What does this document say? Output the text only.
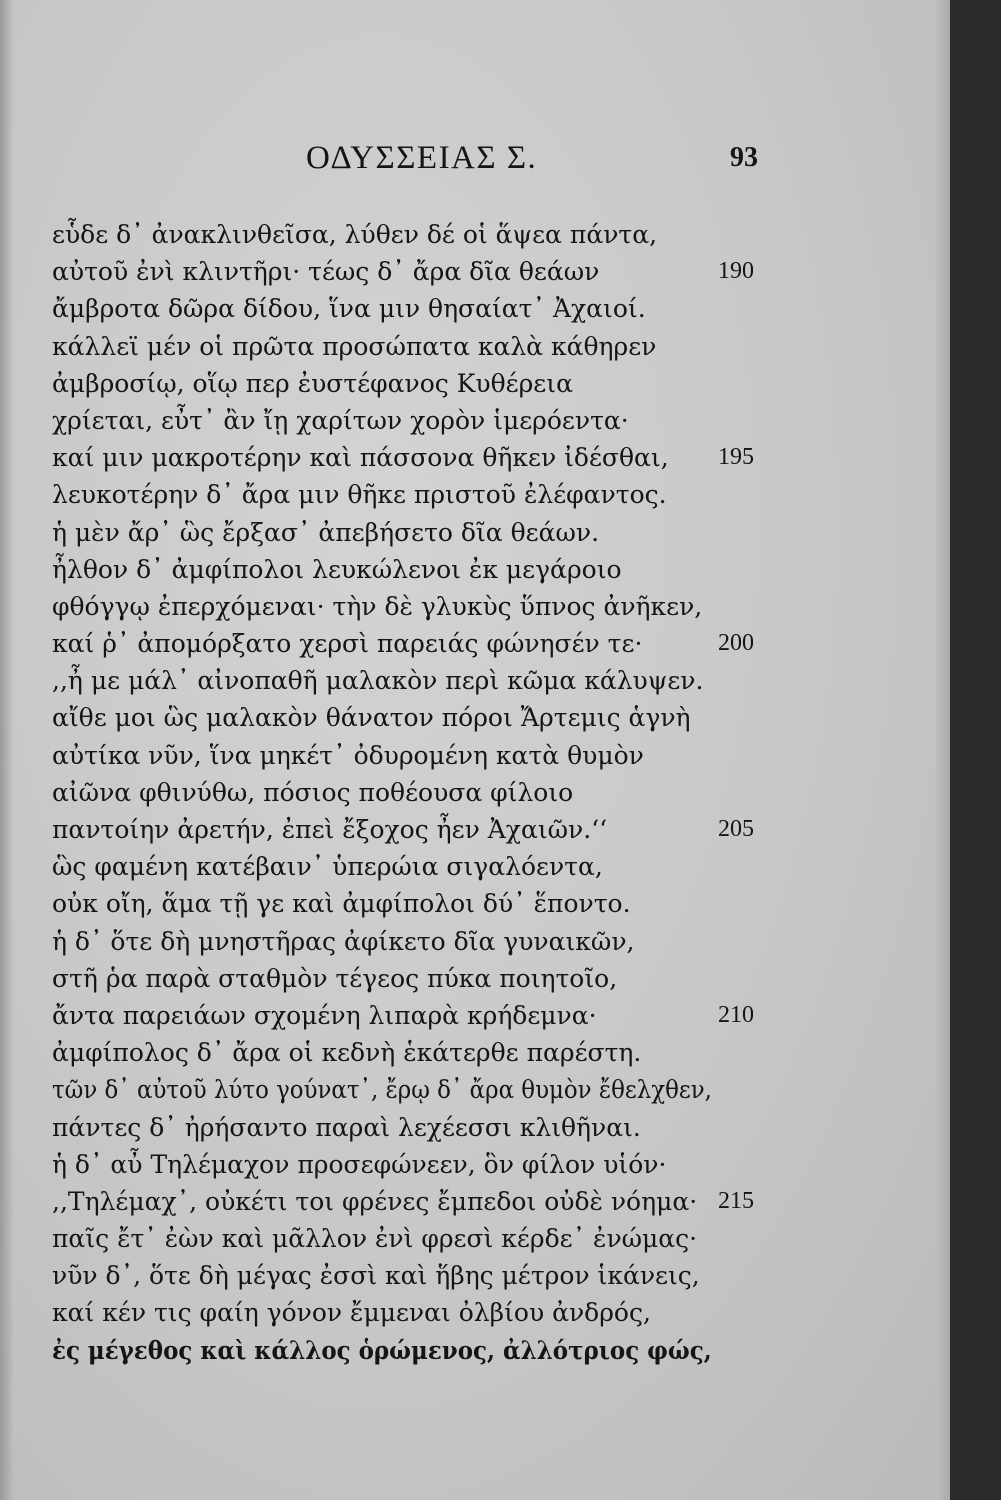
ΟΔΥΣΣΕΙΑΣ Σ.	93
εὗδε δ᾽ ἀνακλινθεῖσα, λύθεν δέ οἱ ἅψεα πάντα,
αὐτοῦ ἐνὶ κλιντῆρι· τέως δ᾽ ἄρα δῖα θεάων	190
ἄμβροτα δῶρα δίδου, ἵνα μιν θησαίατ᾽ Ἀχαιοί.
κάλλεϊ μέν οἱ πρῶτα προσώπατα καλὰ κάθηρεν
ἀμβροσίῳ, οἵῳ περ ἐυστέφανος Κυθέρεια
χρίεται, εὖτ᾽ ἂν ἴῃ χαρίτων χορὸν ἱμερόεντα·
καί μιν μακροτέρην καὶ πάσσονα θῆκεν ἰδέσθαι, 195
λευκοτέρην δ᾽ ἄρα μιν θῆκε πριστοῦ ἐλέφαντος.
ἡ μὲν ἄρ᾽ ὣς ἔρξασ᾽ ἀπεβήσετο δῖα θεάων.
ἦλθον δ᾽ ἀμφίπολοι λευκώλενοι ἐκ μεγάροιο
φθόγγῳ ἐπερχόμεναι· τὴν δὲ γλυκὺς ὕπνος ἀνῆκεν,
καί ῥ᾽ ἀπομόρξατο χερσὶ παρειάς φώνησέν τε·	200
,,ἦ με μάλ᾽ αἰνοπαθῆ μαλακὸν περὶ κῶμα κάλυψεν.
αἴθε μοι ὣς μαλακὸν θάνατον πόροι Ἄρτεμις ἁγνὴ
αὐτίκα νῦν, ἵνα μηκέτ᾽ ὀδυρομένη κατὰ θυμὸν
αἰῶνα φθινύθω, πόσιος ποθέουσα φίλοιο
παντοίην ἀρετήν, ἐπεὶ ἔξοχος ἦεν Ἀχαιῶν.‘‘	205
ὣς φαμένη κατέβαιν᾽ ὑπερώια σιγαλόεντα,
οὐκ οἴη, ἅμα τῇ γε καὶ ἀμφίπολοι δύ᾽ ἕποντο.
ἡ δ᾽ ὅτε δὴ μνηστῆρας ἀφίκετο δῖα γυναικῶν,
στῆ ῥα παρὰ σταθμὸν τέγεος πύκα ποιητοῖο,
ἄντα παρειάων σχομένη λιπαρὰ κρήδεμνα·	210
ἀμφίπολος δ᾽ ἄρα οἱ κεδνὴ ἑκάτερθε παρέστη.
τῶν δ᾽ αὐτοῦ λύτο γούνατ᾽, ἔρῳ δ᾽ ἄρα θυμὸν ἔθελχθεν,
πάντες δ᾽ ἠρήσαντο παραὶ λεχέεσσι κλιθῆναι.
ἡ δ᾽ αὖ Τηλέμαχον προσεφώνεεν, ὃν φίλον υἱόν·
,,Τηλέμαχ᾽, οὐκέτι τοι φρένες ἔμπεδοι οὐδὲ νόημα· 215
παῖς ἔτ᾽ ἐὼν καὶ μᾶλλον ἐνὶ φρεσὶ κέρδε᾽ ἐνώμας·
νῦν δ᾽, ὅτε δὴ μέγας ἐσσὶ καὶ ἥβης μέτρον ἱκάνεις,
καί κέν τις φαίη γόνον ἔμμεναι ὀλβίου ἀνδρός,
ἐς μέγεθος καὶ κάλλος ὁρώμενος, ἀλλότριος φώς,
